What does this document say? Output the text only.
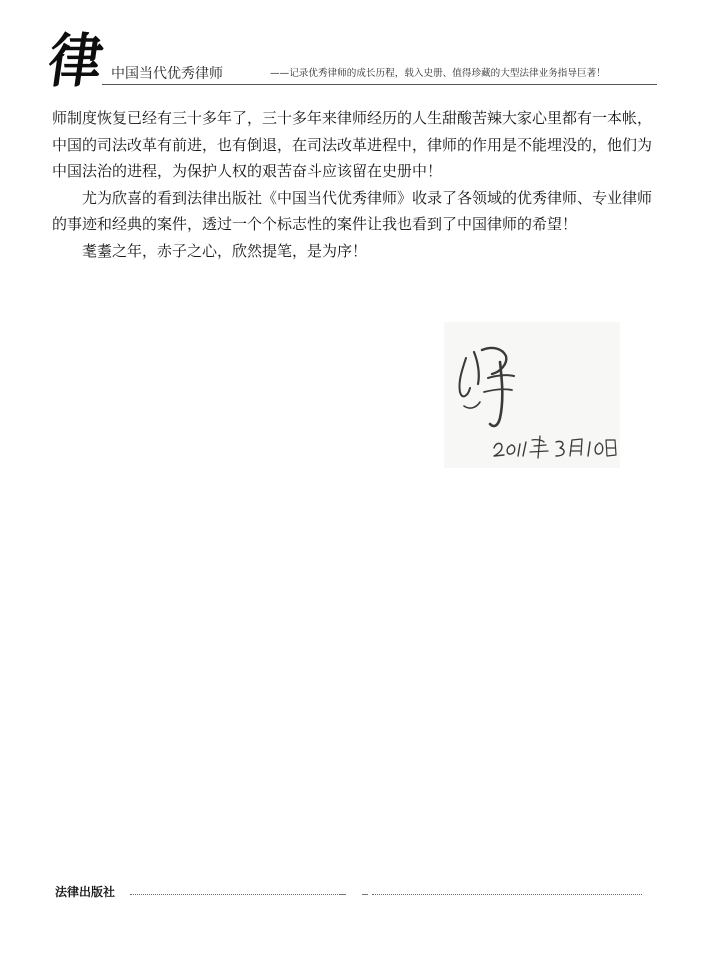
律 中国当代优秀律师	——记录优秀律师的成长历程，载入史册、值得珍藏的大型法律业务指导巨著！

师制度恢复已经有三十多年了，三十多年来律师经历的人生甜酸苦辣大家心里都有一本帐，中国的司法改革有前进，也有倒退，在司法改革进程中，律师的作用是不能埋没的，他们为中国法治的进程，为保护人权的艰苦奋斗应该留在史册中！

尤为欣喜的看到法律出版社《中国当代优秀律师》收录了各领域的优秀律师、专业律师的事迹和经典的案件，透过一个个标志性的案件让我也看到了中国律师的希望！

耄耋之年，赤子之心，欣然提笔，是为序！

法律出版社
